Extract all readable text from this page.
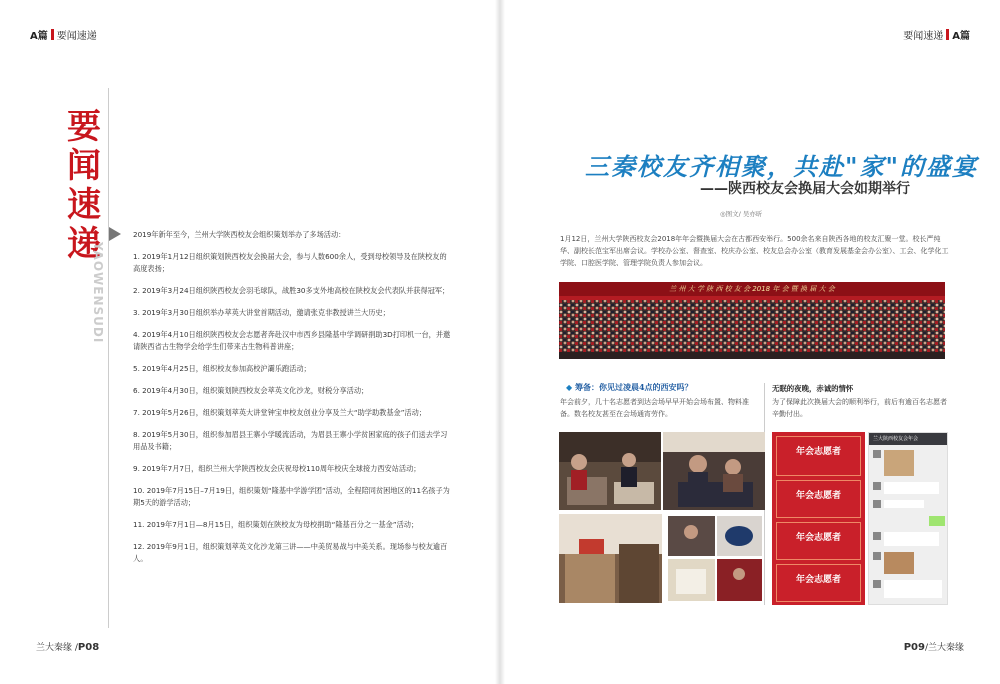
A篇 要闻速递
要
闻
速
递
YAOWENSUDI

2019年新年至今，兰州大学陕西校友会组织策划举办了多场活动：

1. 2019年1月12日组织策划陕西校友会换届大会，参与人数600余人，受到母校领导及在陕校友的高度表扬；

2. 2019年3月24日组织陕西校友会羽毛球队，战胜30多支外地高校在陕校友会代表队并获得冠军；

3. 2019年3月30日组织举办萃英大讲堂首期活动，邀请张克非教授讲兰大历史；

4. 2019年4月10日组织陕西校友会志愿者奔赴汉中市西乡县隆基中学调研捐助3D打印机一台，并邀请陕西省古生物学会给学生们带来古生物科普讲座；

5. 2019年4月25日，组织校友参加高校沪灞乐跑活动；

6. 2019年4月30日，组织策划陕西校友会萃英文化沙龙，财税分享活动；

7. 2019年5月26日，组织策划萃英大讲堂钟宝申校友创业分享及兰大“助学助教基金”活动；

8. 2019年5月30日，组织参加眉县王寨小学暖流活动，为眉县王寨小学贫困家庭的孩子们送去学习用品及书籍；

9. 2019年7月7日，组织兰州大学陕西校友会庆祝母校110周年校庆全球接力西安站活动；

10. 2019年7月15日–7月19日，组织策划“隆基中学游学团”活动，全程陪同贫困地区的11名孩子为期5天的游学活动；

11. 2019年7月1日—8月15日，组织策划在陕校友为母校捐助“隆基百分之一基金”活动；

12. 2019年9月1日，组织策划萃英文化沙龙第三讲——中美贸易战与中美关系。现场参与校友逾百人。

兰大秦缘 /P08
要闻速递 A篇
三秦校友齐相聚，共赴"家"的盛宴
——陕西校友会换届大会如期举行
◎图文/ 吴亦昕
1月12日，兰州大学陕西校友会2018年年会暨换届大会在古都西安举行。500余名来自陕西各地的校友汇聚一堂。校长严纯华、副校长范宝军出席会议。学校办公室、督查室、校庆办公室、校友总会办公室（教育发展基金会办公室）、工会、化学化工学院、口腔医学院、管理学院负责人参加会议。
兰 州 大 学 陕 西 校 友 会 2018 年 会 暨 换 届 大 会
◆ 筹备：你见过凌晨4点的西安吗？
年会前夕，几十名志愿者到达会场早早开始会场布置、物料准备。数名校友甚至在会场通宵劳作。
无眠的夜晚，赤诚的情怀
为了保障此次换届大会的顺利举行，前后有逾百名志愿者辛勤付出。
年会志愿者
年会志愿者
年会志愿者
年会志愿者
兰大陕西校友会年会
P09/兰大秦缘
